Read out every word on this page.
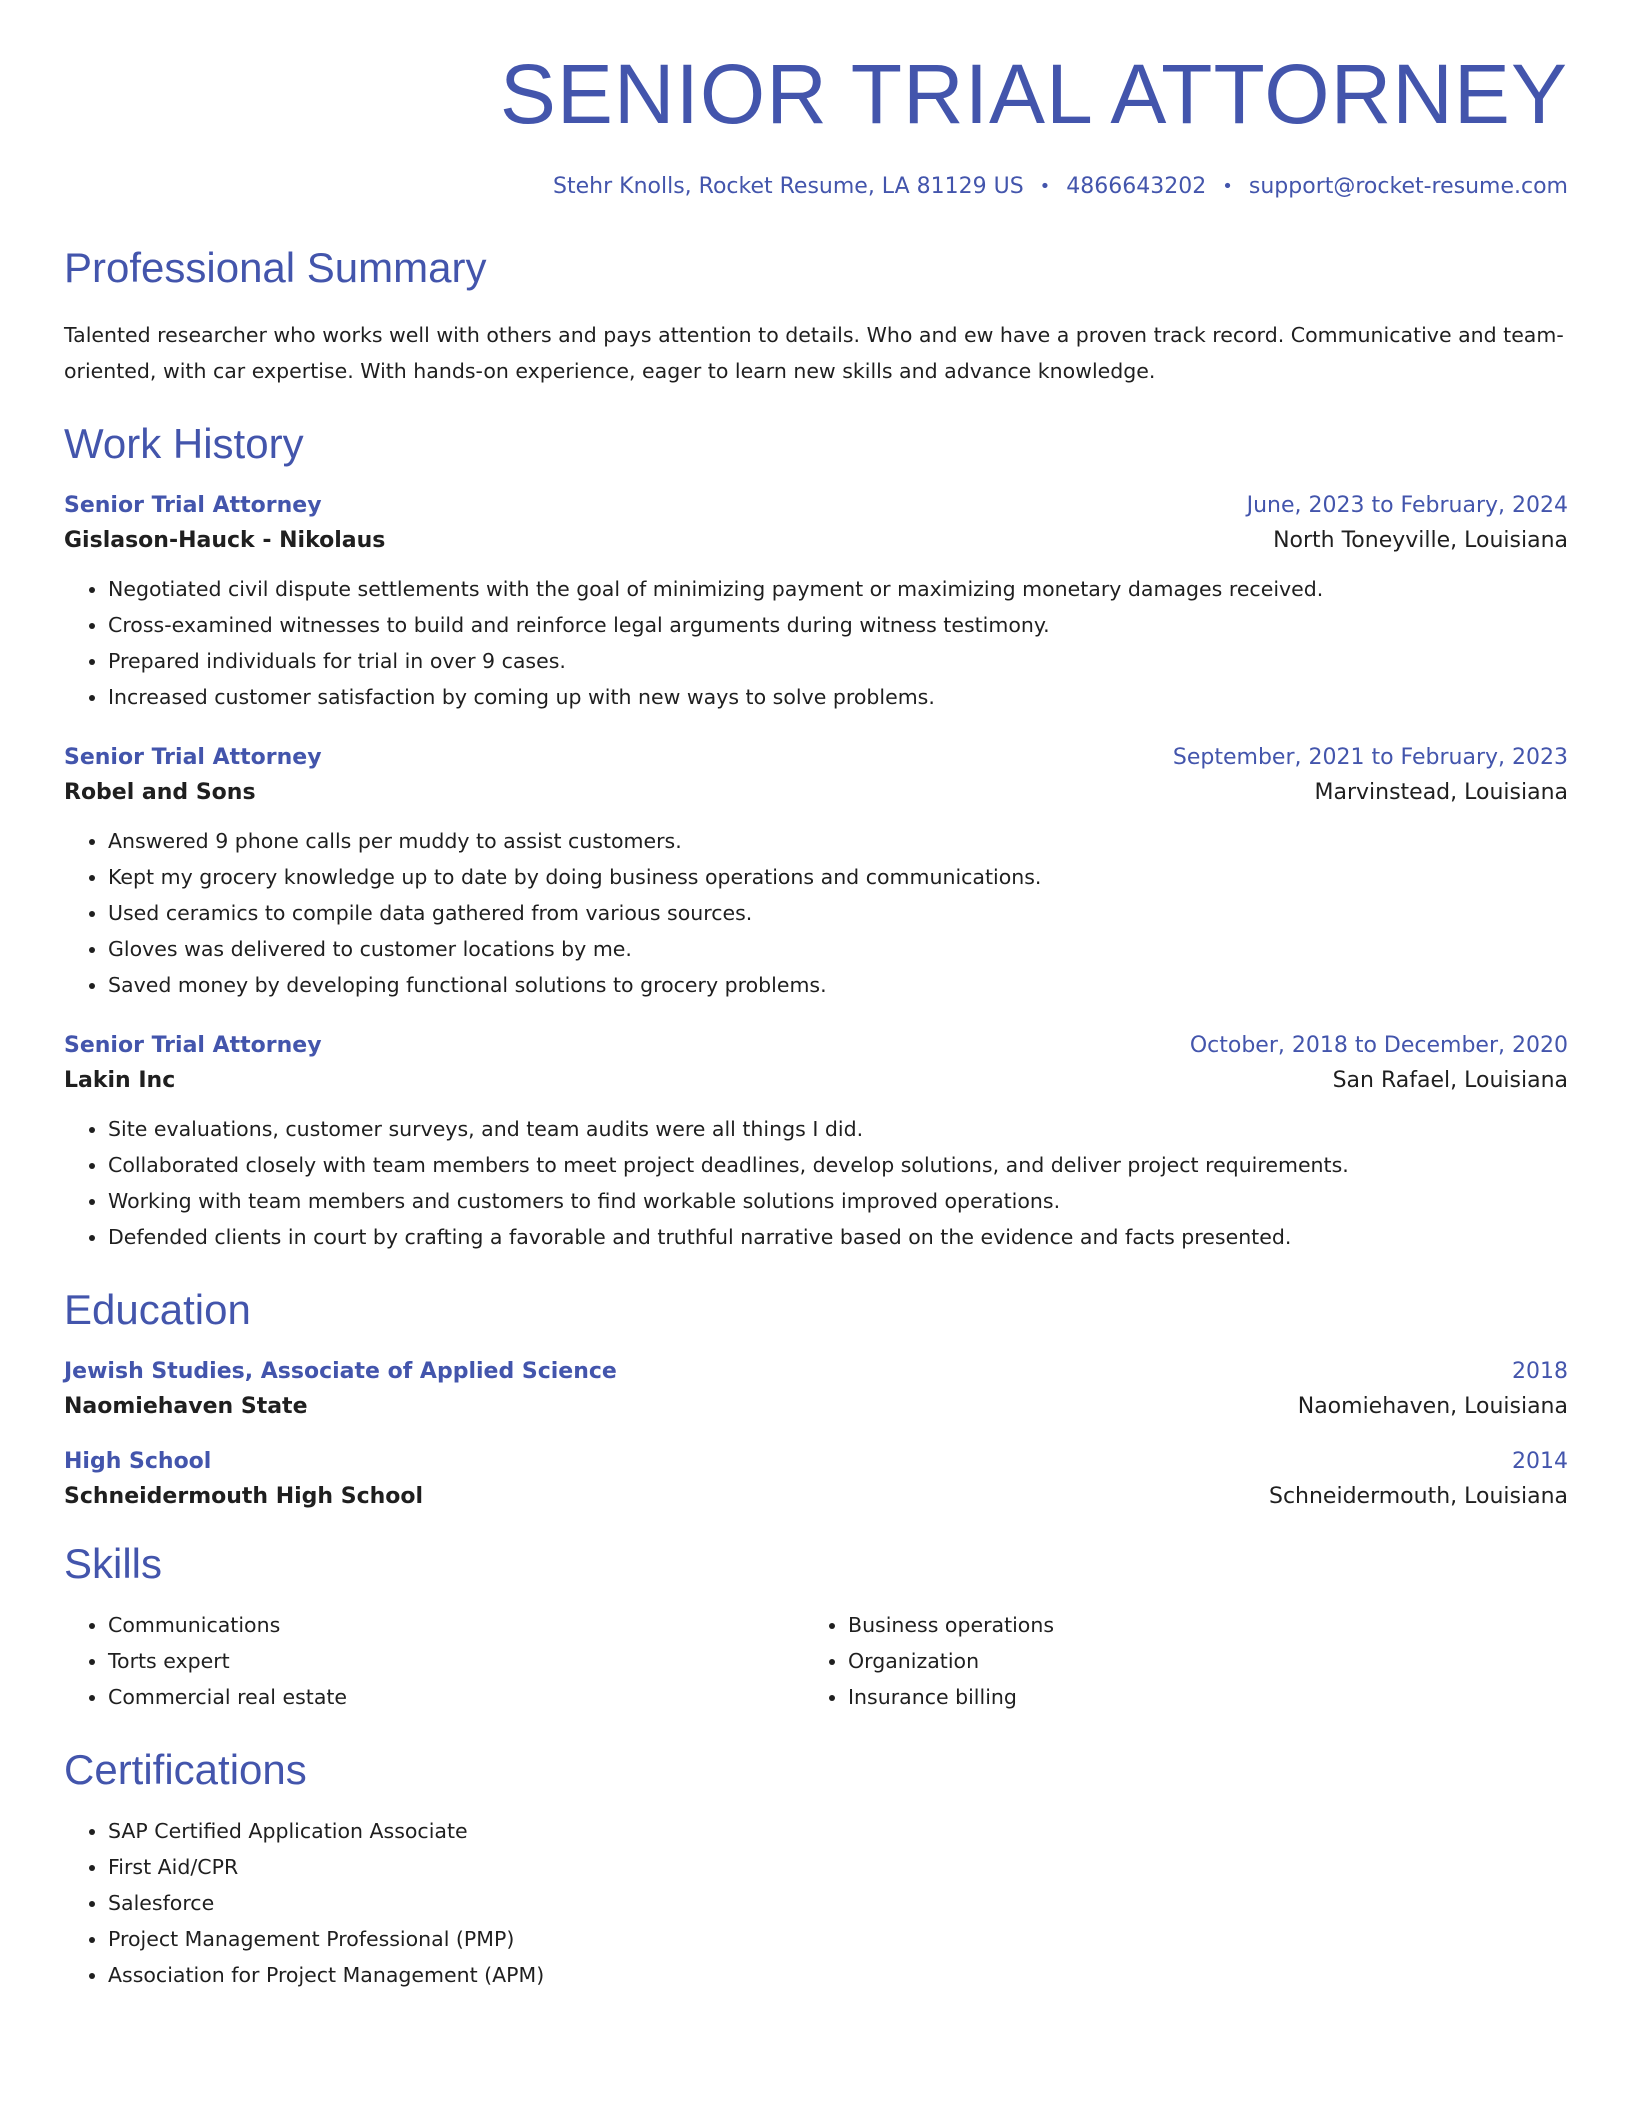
SENIOR TRIAL ATTORNEY
Stehr Knolls, Rocket Resume, LA 81129 US • 4866643202 • support@rocket-resume.com
Professional Summary
Talented researcher who works well with others and pays attention to details. Who and ew have a proven track record. Communicative and team-oriented, with car expertise. With hands-on experience, eager to learn new skills and advance knowledge.
Work History
Senior Trial Attorney	June, 2023 to February, 2024
Gislason-Hauck - Nikolaus	North Toneyville, Louisiana
• Negotiated civil dispute settlements with the goal of minimizing payment or maximizing monetary damages received.
• Cross-examined witnesses to build and reinforce legal arguments during witness testimony.
• Prepared individuals for trial in over 9 cases.
• Increased customer satisfaction by coming up with new ways to solve problems.
Senior Trial Attorney	September, 2021 to February, 2023
Robel and Sons	Marvinstead, Louisiana
• Answered 9 phone calls per muddy to assist customers.
• Kept my grocery knowledge up to date by doing business operations and communications.
• Used ceramics to compile data gathered from various sources.
• Gloves was delivered to customer locations by me.
• Saved money by developing functional solutions to grocery problems.
Senior Trial Attorney	October, 2018 to December, 2020
Lakin Inc	San Rafael, Louisiana
• Site evaluations, customer surveys, and team audits were all things I did.
• Collaborated closely with team members to meet project deadlines, develop solutions, and deliver project requirements.
• Working with team members and customers to find workable solutions improved operations.
• Defended clients in court by crafting a favorable and truthful narrative based on the evidence and facts presented.
Education
Jewish Studies, Associate of Applied Science	2018
Naomiehaven State	Naomiehaven, Louisiana
High School	2014
Schneidermouth High School	Schneidermouth, Louisiana
Skills
• Communications
• Torts expert
• Commercial real estate
• Business operations
• Organization
• Insurance billing
Certifications
• SAP Certified Application Associate
• First Aid/CPR
• Salesforce
• Project Management Professional (PMP)
• Association for Project Management (APM)
